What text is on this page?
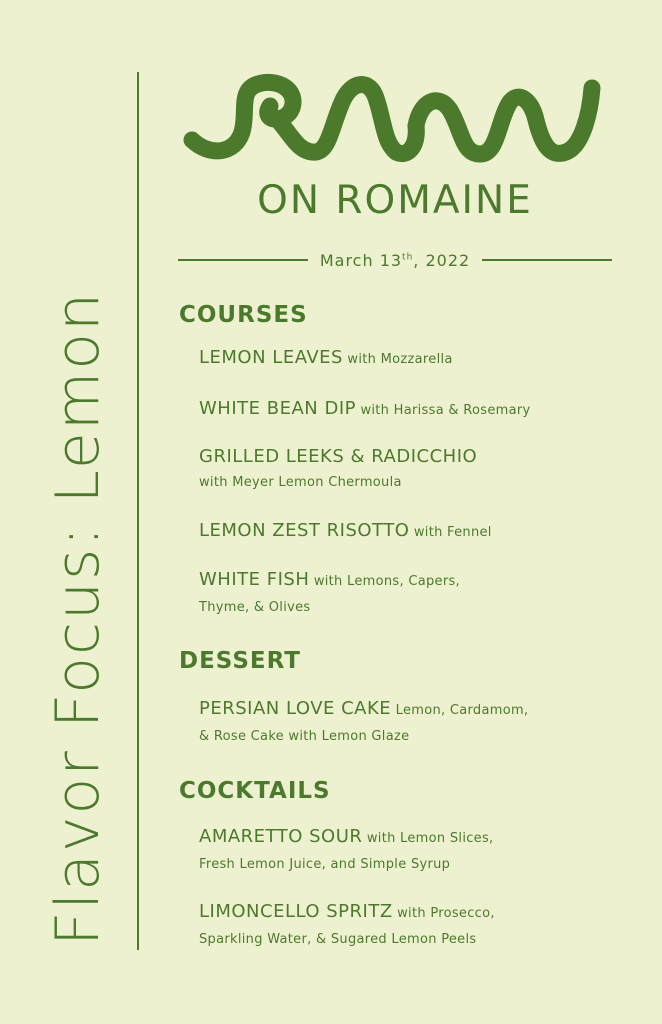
Flavor Focus: Lemon
ON ROMAINE
March 13th, 2022
COURSES
LEMON LEAVES with Mozzarella
WHITE BEAN DIP with Harissa & Rosemary
GRILLED LEEKS & RADICCHIO
with Meyer Lemon Chermoula
LEMON ZEST RISOTTO with Fennel
WHITE FISH with Lemons, Capers,
Thyme, & Olives
DESSERT
PERSIAN LOVE CAKE Lemon, Cardamom,
& Rose Cake with Lemon Glaze
COCKTAILS
AMARETTO SOUR with Lemon Slices,
Fresh Lemon Juice, and Simple Syrup
LIMONCELLO SPRITZ with Prosecco,
Sparkling Water, & Sugared Lemon Peels
